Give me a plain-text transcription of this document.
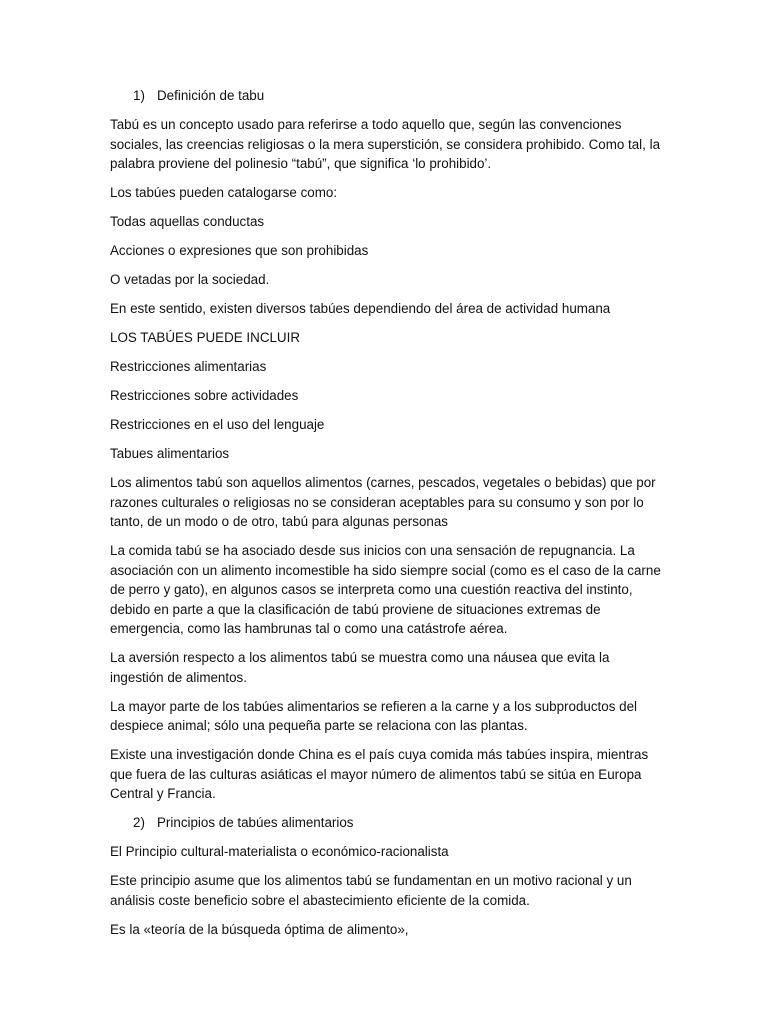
1) Definición de tabu

Tabú es un concepto usado para referirse a todo aquello que, según las convenciones sociales, las creencias religiosas o la mera superstición, se considera prohibido. Como tal, la palabra proviene del polinesio “tabú”, que significa ‘lo prohibido’.

Los tabúes pueden catalogarse como:

Todas aquellas conductas

Acciones o expresiones que son prohibidas

O vetadas por la sociedad.

En este sentido, existen diversos tabúes dependiendo del área de actividad humana

LOS TABÚES PUEDE INCLUIR

Restricciones alimentarias

Restricciones sobre actividades

Restricciones en el uso del lenguaje

Tabues alimentarios

Los alimentos tabú son aquellos alimentos (carnes, pescados, vegetales o bebidas) que por razones culturales o religiosas no se consideran aceptables para su consumo y son por lo tanto, de un modo o de otro, tabú para algunas personas

La comida tabú se ha asociado desde sus inicios con una sensación de repugnancia. La asociación con un alimento incomestible ha sido siempre social (como es el caso de la carne de perro y gato), en algunos casos se interpreta como una cuestión reactiva del instinto, debido en parte a que la clasificación de tabú proviene de situaciones extremas de emergencia, como las hambrunas tal o como una catástrofe aérea.

La aversión respecto a los alimentos tabú se muestra como una náusea que evita la ingestión de alimentos.

La mayor parte de los tabúes alimentarios se refieren a la carne y a los subproductos del despiece animal; sólo una pequeña parte se relaciona con las plantas.

Existe una investigación donde China es el país cuya comida más tabúes inspira, mientras que fuera de las culturas asiáticas el mayor número de alimentos tabú se sitúa en Europa Central y Francia.

2) Principios de tabúes alimentarios

El Principio cultural-materialista o económico-racionalista

Este principio asume que los alimentos tabú se fundamentan en un motivo racional y un análisis coste beneficio sobre el abastecimiento eficiente de la comida.

Es la «teoría de la búsqueda óptima de alimento»,
